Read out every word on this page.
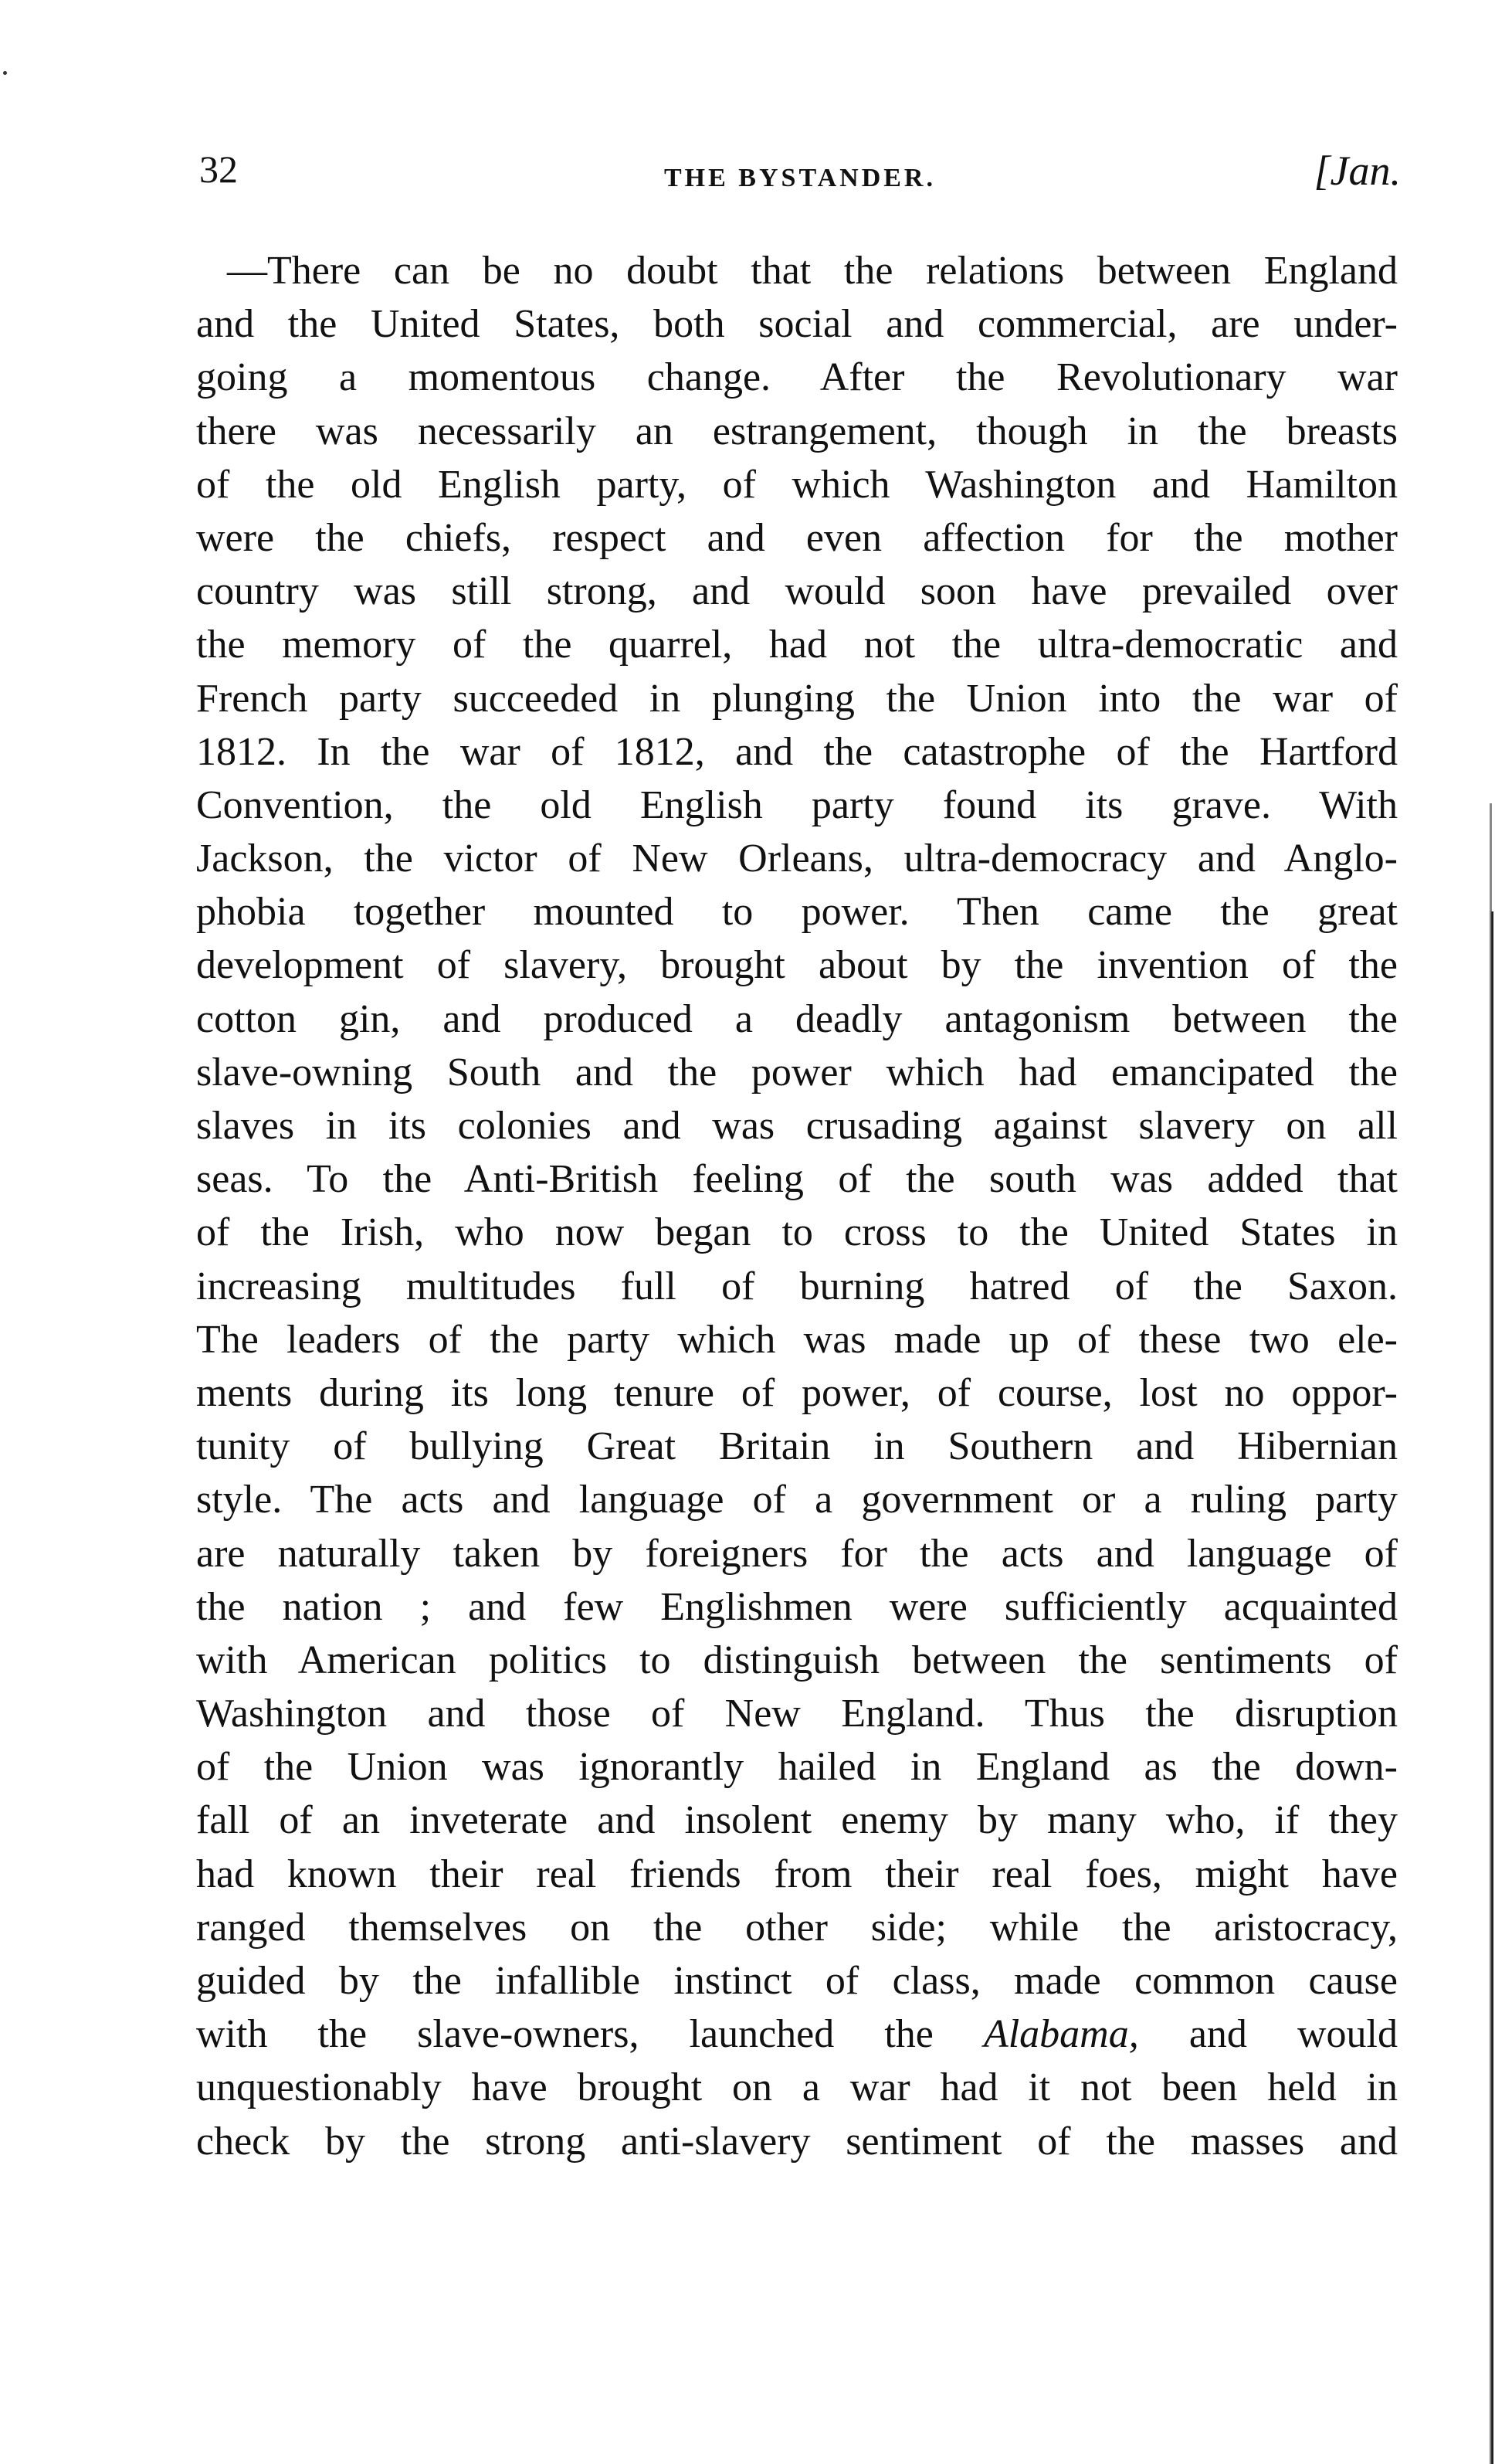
32	THE BYSTANDER.	[Jan.
—There can be no doubt that the relations between England
and the United States, both social and commercial, are under-
going a momentous change. After the Revolutionary war
there was necessarily an estrangement, though in the breasts
of the old English party, of which Washington and Hamilton
were the chiefs, respect and even affection for the mother
country was still strong, and would soon have prevailed over
the memory of the quarrel, had not the ultra-democratic and
French party succeeded in plunging the Union into the war of
1812. In the war of 1812, and the catastrophe of the Hartford
Convention, the old English party found its grave. With
Jackson, the victor of New Orleans, ultra-democracy and Anglo-
phobia together mounted to power. Then came the great
development of slavery, brought about by the invention of the
cotton gin, and produced a deadly antagonism between the
slave-owning South and the power which had emancipated the
slaves in its colonies and was crusading against slavery on all
seas. To the Anti-British feeling of the south was added that
of the Irish, who now began to cross to the United States in
increasing multitudes full of burning hatred of the Saxon.
The leaders of the party which was made up of these two ele-
ments during its long tenure of power, of course, lost no oppor-
tunity of bullying Great Britain in Southern and Hibernian
style. The acts and language of a government or a ruling party
are naturally taken by foreigners for the acts and language of
the nation ; and few Englishmen were sufficiently acquainted
with American politics to distinguish between the sentiments of
Washington and those of New England. Thus the disruption
of the Union was ignorantly hailed in England as the down-
fall of an inveterate and insolent enemy by many who, if they
had known their real friends from their real foes, might have
ranged themselves on the other side; while the aristocracy,
guided by the infallible instinct of class, made common cause
with the slave-owners, launched the Alabama, and would
unquestionably have brought on a war had it not been held in
check by the strong anti-slavery sentiment of the masses and
